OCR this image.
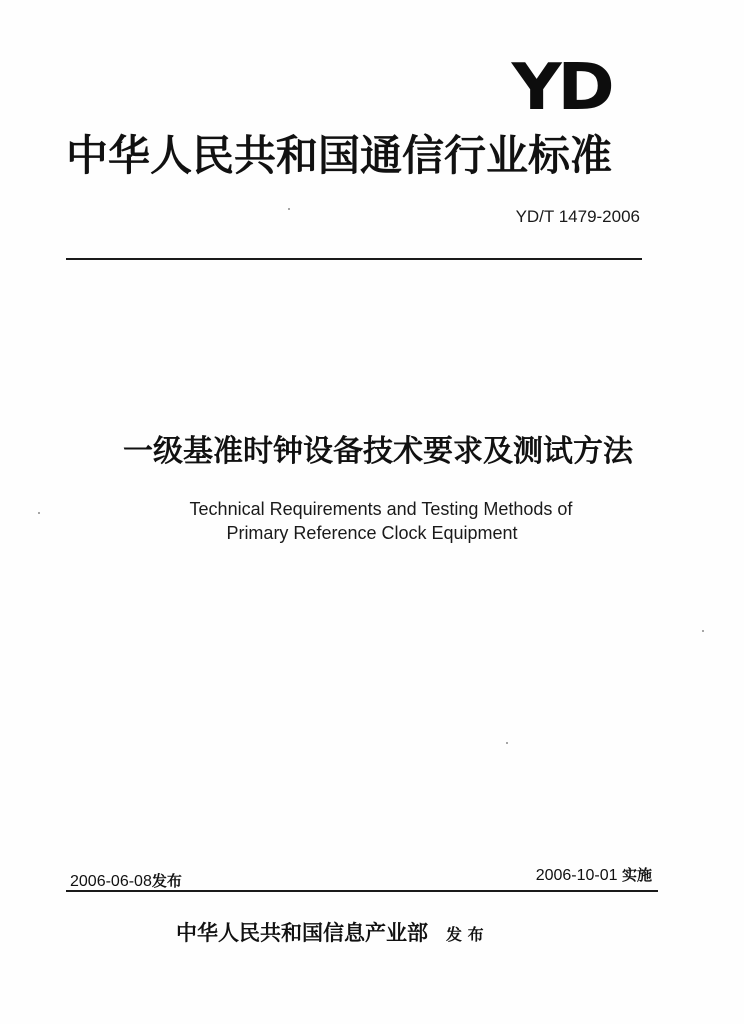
YD
中华人民共和国通信行业标准
YD/T 1479-2006
一级基准时钟设备技术要求及测试方法
Technical Requirements and Testing Methods of
Primary Reference Clock Equipment
2006-06-08发布	2006-10-01 实施
中华人民共和国信息产业部 发 布
